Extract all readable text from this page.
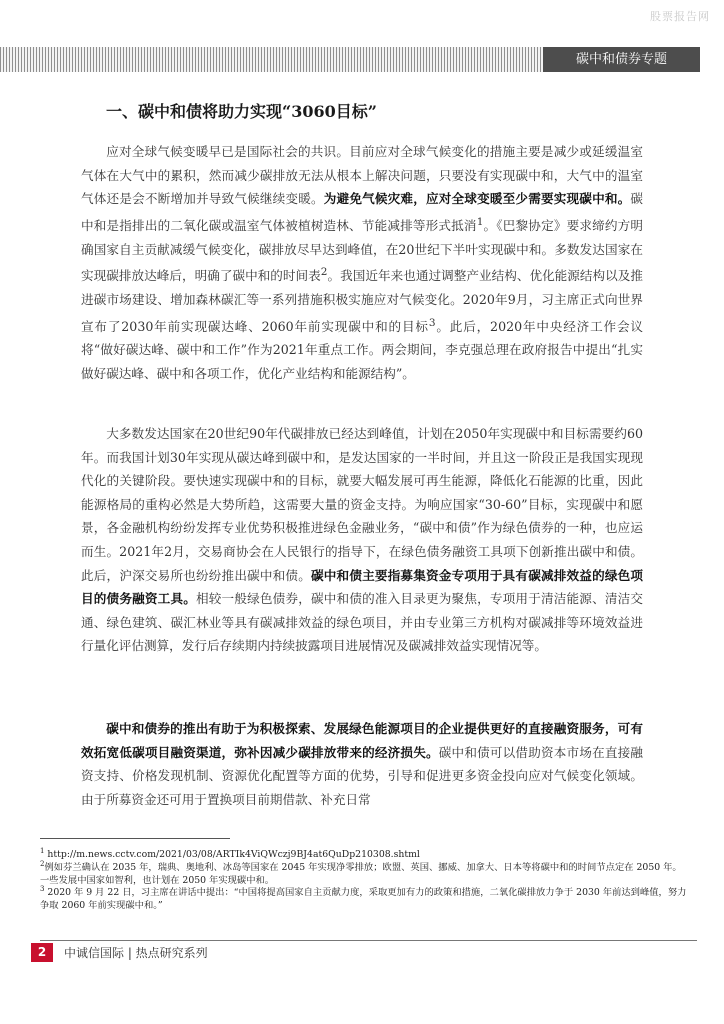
股票报告网
碳中和债券专题
一、碳中和债将助力实现“3060目标”

应对全球气候变暖早已是国际社会的共识。目前应对全球气候变化的措施主要是减少或延缓温室气体在大气中的累积，然而减少碳排放无法从根本上解决问题，只要没有实现碳中和，大气中的温室气体还是会不断增加并导致气候继续变暖。为避免气候灾难，应对全球变暖至少需要实现碳中和。碳中和是指排出的二氧化碳或温室气体被植树造林、节能减排等形式抵消$^1$。《巴黎协定》要求缔约方明确国家自主贡献减缓气候变化，碳排放尽早达到峰值，在20世纪下半叶实现碳中和。多数发达国家在实现碳排放达峰后，明确了碳中和的时间表$^2$。我国近年来也通过调整产业结构、优化能源结构以及推进碳市场建设、增加森林碳汇等一系列措施积极实施应对气候变化。2020年9月，习主席正式向世界宣布了2030年前实现碳达峰、2060年前实现碳中和的目标$^3$。此后，2020年中央经济工作会议将“做好碳达峰、碳中和工作”作为2021年重点工作。两会期间，李克强总理在政府报告中提出“扎实做好碳达峰、碳中和各项工作，优化产业结构和能源结构”。

大多数发达国家在20世纪90年代碳排放已经达到峰值，计划在2050年实现碳中和目标需要约60年。而我国计划30年实现从碳达峰到碳中和，是发达国家的一半时间，并且这一阶段正是我国实现现代化的关键阶段。要快速实现碳中和的目标，就要大幅发展可再生能源，降低化石能源的比重，因此能源格局的重构必然是大势所趋，这需要大量的资金支持。为响应国家“30-60”目标，实现碳中和愿景，各金融机构纷纷发挥专业优势积极推进绿色金融业务，“碳中和债”作为绿色债券的一种，也应运而生。2021年2月，交易商协会在人民银行的指导下，在绿色债务融资工具项下创新推出碳中和债。此后，沪深交易所也纷纷推出碳中和债。碳中和债主要指募集资金专项用于具有碳减排效益的绿色项目的债务融资工具。相较一般绿色债券，碳中和债的准入目录更为聚焦，专项用于清洁能源、清洁交通、绿色建筑、碳汇林业等具有碳减排效益的绿色项目，并由专业第三方机构对碳减排等环境效益进行量化评估测算，发行后存续期内持续披露项目进展情况及碳减排效益实现情况等。

碳中和债券的推出有助于为积极探索、发展绿色能源项目的企业提供更好的直接融资服务，可有效拓宽低碳项目融资渠道，弥补因减少碳排放带来的经济损失。碳中和债可以借助资本市场在直接融资支持、价格发现机制、资源优化配置等方面的优势，引导和促进更多资金投向应对气候变化领域。由于所募资金还可用于置换项目前期借款、补充日常

$^1$ http://m.news.cctv.com/2021/03/08/ARTIk4ViQWczj9BJ4at6QuDp210308.shtml

$^2$例如芬兰确认在 2035 年，瑞典、奥地利、冰岛等国家在 2045 年实现净零排放；欧盟、英国、挪威、加拿大、日本等将碳中和的时间节点定在 2050 年。一些发展中国家如智利，也计划在 2050 年实现碳中和。

$^3$ 2020 年 9 月 22 日，习主席在讲话中提出：“中国将提高国家自主贡献力度，采取更加有力的政策和措施，二氧化碳排放力争于 2030 年前达到峰值，努力争取 2060 年前实现碳中和。”

2	中诚信国际 | 热点研究系列
